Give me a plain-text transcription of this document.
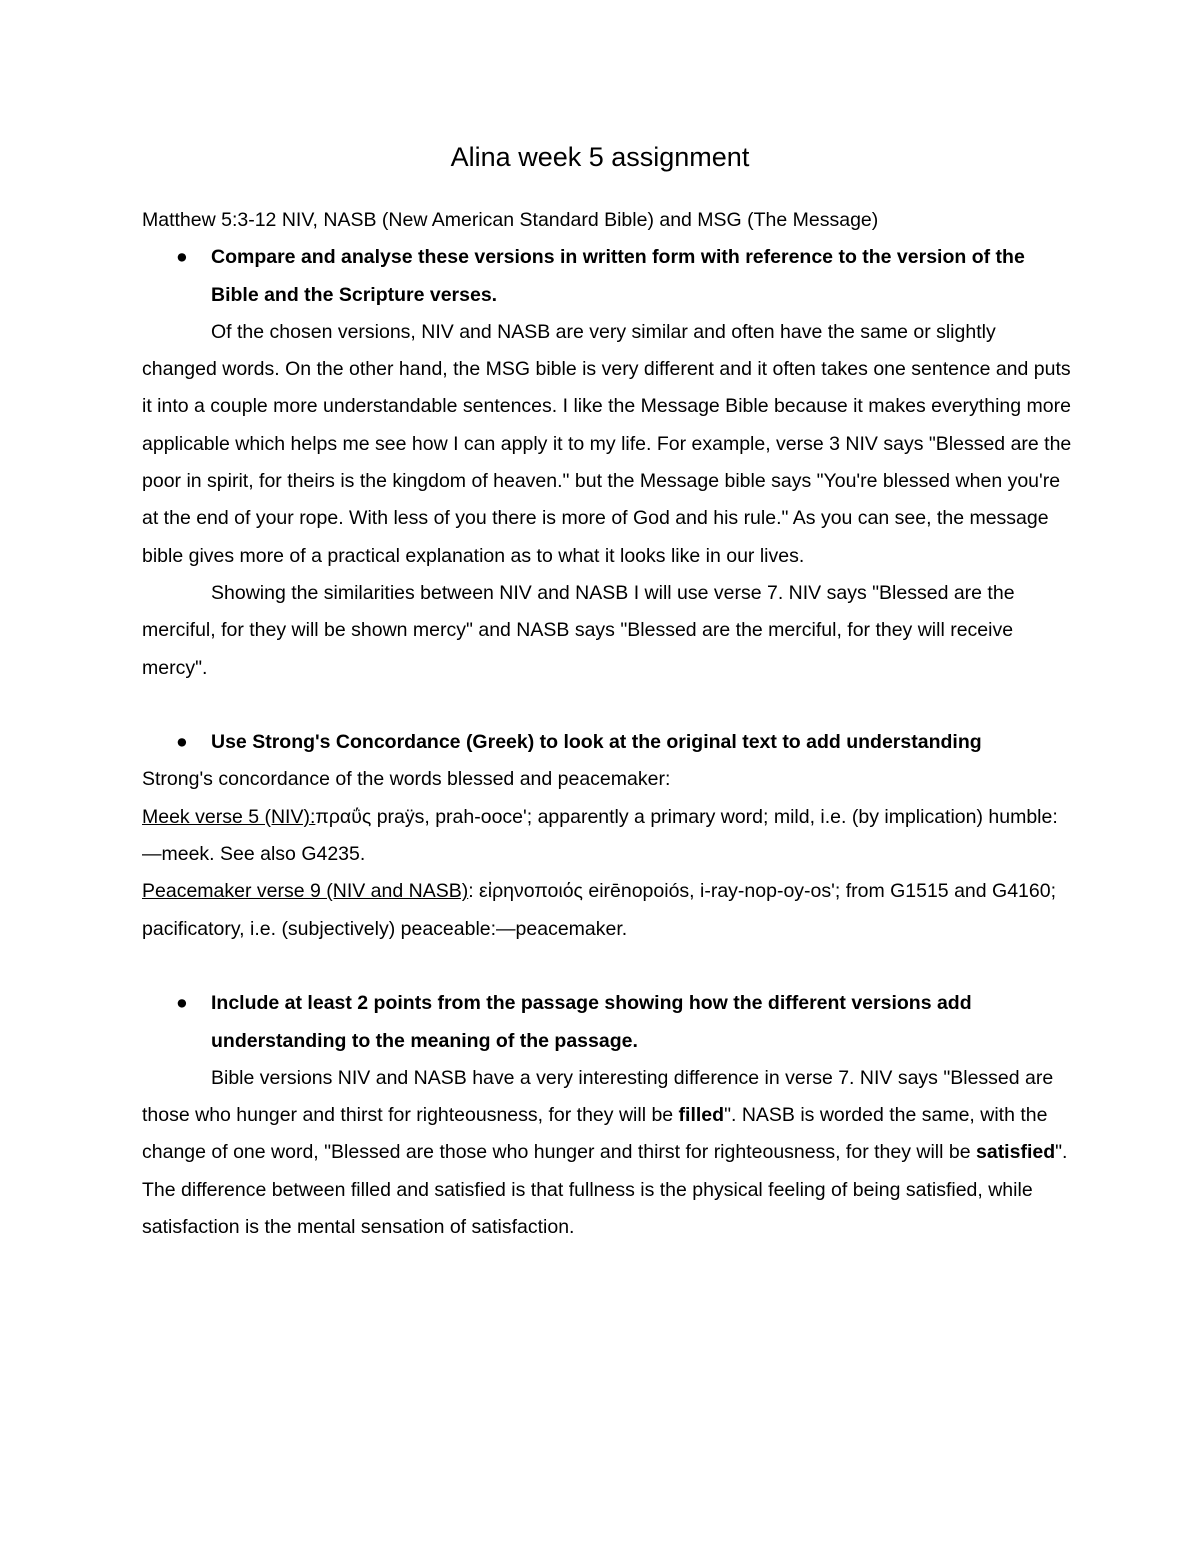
Alina week 5 assignment

Matthew 5:3-12 NIV, NASB (New American Standard Bible) and MSG (The Message)

● Compare and analyse these versions in written form with reference to the version of the Bible and the Scripture verses.

Of the chosen versions, NIV and NASB are very similar and often have the same or slightly changed words. On the other hand, the MSG bible is very different and it often takes one sentence and puts it into a couple more understandable sentences. I like the Message Bible because it makes everything more applicable which helps me see how I can apply it to my life. For example, verse 3 NIV says "Blessed are the poor in spirit, for theirs is the kingdom of heaven." but the Message bible says "You're blessed when you're at the end of your rope. With less of you there is more of God and his rule." As you can see, the message bible gives more of a practical explanation as to what it looks like in our lives.

Showing the similarities between NIV and NASB I will use verse 7. NIV says "Blessed are the merciful, for they will be shown mercy" and NASB says "Blessed are the merciful, for they will receive mercy".

● Use Strong's Concordance (Greek) to look at the original text to add understanding

Strong's concordance of the words blessed and peacemaker:

Meek verse 5 (NIV):πραΰς praÿs, prah-ooce'; apparently a primary word; mild, i.e. (by implication) humble:—meek. See also G4235.

Peacemaker verse 9 (NIV and NASB): εἰρηνοποιός eirēnopoiós, i-ray-nop-oy-os'; from G1515 and G4160; pacificatory, i.e. (subjectively) peaceable:—peacemaker.

● Include at least 2 points from the passage showing how the different versions add understanding to the meaning of the passage.

Bible versions NIV and NASB have a very interesting difference in verse 7. NIV says "Blessed are those who hunger and thirst for righteousness, for they will be filled". NASB is worded the same, with the change of one word, "Blessed are those who hunger and thirst for righteousness, for they will be satisfied". The difference between filled and satisfied is that fullness is the physical feeling of being satisfied, while satisfaction is the mental sensation of satisfaction.
